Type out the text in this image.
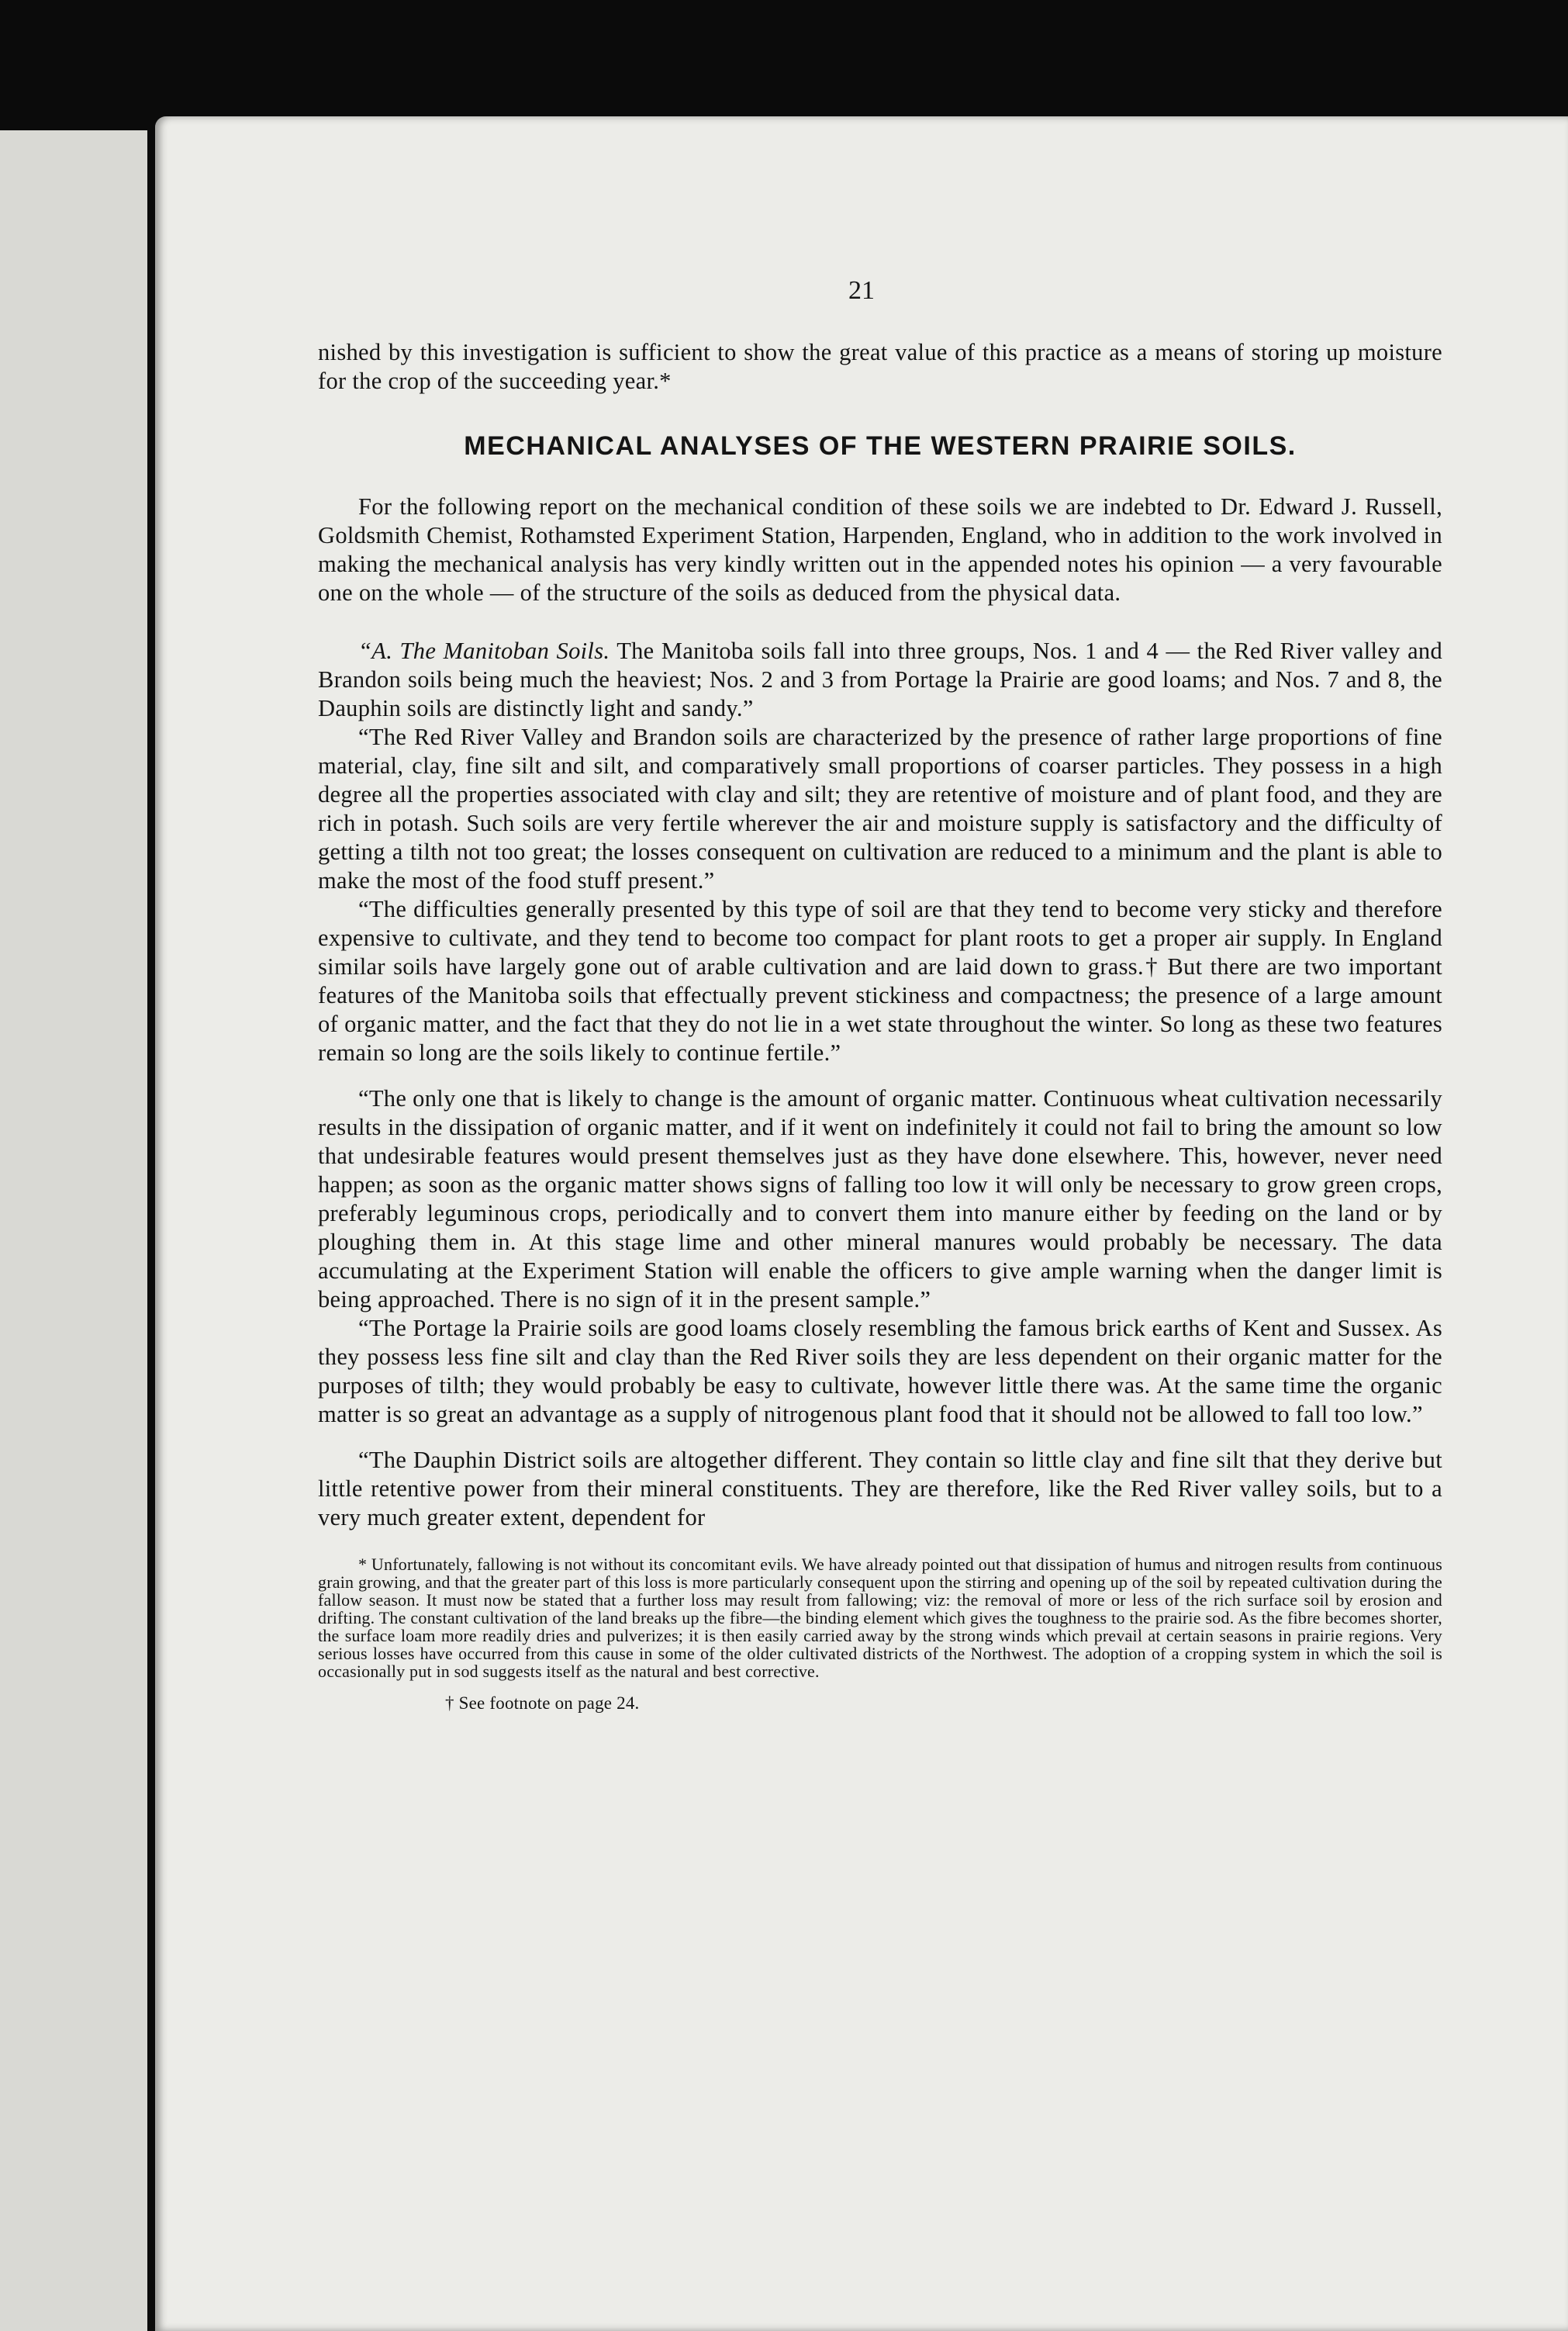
21

nished by this investigation is sufficient to show the great value of this practice as a means of storing up moisture for the crop of the succeeding year.*

MECHANICAL ANALYSES OF THE WESTERN PRAIRIE SOILS.

For the following report on the mechanical condition of these soils we are indebted to Dr. Edward J. Russell, Goldsmith Chemist, Rothamsted Experiment Station, Harpenden, England, who in addition to the work involved in making the mechanical analysis has very kindly written out in the appended notes his opinion — a very favourable one on the whole — of the structure of the soils as deduced from the physical data.

“A. The Manitoban Soils. The Manitoba soils fall into three groups, Nos. 1 and 4 — the Red River valley and Brandon soils being much the heaviest; Nos. 2 and 3 from Portage la Prairie are good loams; and Nos. 7 and 8, the Dauphin soils are distinctly light and sandy.”

“The Red River Valley and Brandon soils are characterized by the presence of rather large proportions of fine material, clay, fine silt and silt, and comparatively small proportions of coarser particles. They possess in a high degree all the properties associated with clay and silt; they are retentive of moisture and of plant food, and they are rich in potash. Such soils are very fertile wherever the air and moisture supply is satisfactory and the difficulty of getting a tilth not too great; the losses consequent on cultivation are reduced to a minimum and the plant is able to make the most of the food stuff present.”

“The difficulties generally presented by this type of soil are that they tend to become very sticky and therefore expensive to cultivate, and they tend to become too compact for plant roots to get a proper air supply. In England similar soils have largely gone out of arable cultivation and are laid down to grass.† But there are two important features of the Manitoba soils that effectually prevent stickiness and compactness; the presence of a large amount of organic matter, and the fact that they do not lie in a wet state throughout the winter. So long as these two features remain so long are the soils likely to continue fertile.”

“The only one that is likely to change is the amount of organic matter. Continuous wheat cultivation necessarily results in the dissipation of organic matter, and if it went on indefinitely it could not fail to bring the amount so low that undesirable features would present themselves just as they have done elsewhere. This, however, never need happen; as soon as the organic matter shows signs of falling too low it will only be necessary to grow green crops, preferably leguminous crops, periodically and to convert them into manure either by feeding on the land or by ploughing them in. At this stage lime and other mineral manures would probably be necessary. The data accumulating at the Experiment Station will enable the officers to give ample warning when the danger limit is being approached. There is no sign of it in the present sample.”

“The Portage la Prairie soils are good loams closely resembling the famous brick earths of Kent and Sussex. As they possess less fine silt and clay than the Red River soils they are less dependent on their organic matter for the purposes of tilth; they would probably be easy to cultivate, however little there was. At the same time the organic matter is so great an advantage as a supply of nitrogenous plant food that it should not be allowed to fall too low.”

“The Dauphin District soils are altogether different. They contain so little clay and fine silt that they derive but little retentive power from their mineral constituents. They are therefore, like the Red River valley soils, but to a very much greater extent, dependent for

* Unfortunately, fallowing is not without its concomitant evils. We have already pointed out that dissipation of humus and nitrogen results from continuous grain growing, and that the greater part of this loss is more particularly consequent upon the stirring and opening up of the soil by repeated cultivation during the fallow season. It must now be stated that a further loss may result from fallowing; viz: the removal of more or less of the rich surface soil by erosion and drifting. The constant cultivation of the land breaks up the fibre—the binding element which gives the toughness to the prairie sod. As the fibre becomes shorter, the surface loam more readily dries and pulverizes; it is then easily carried away by the strong winds which prevail at certain seasons in prairie regions. Very serious losses have occurred from this cause in some of the older cultivated districts of the Northwest. The adoption of a cropping system in which the soil is occasionally put in sod suggests itself as the natural and best corrective.

† See footnote on page 24.
